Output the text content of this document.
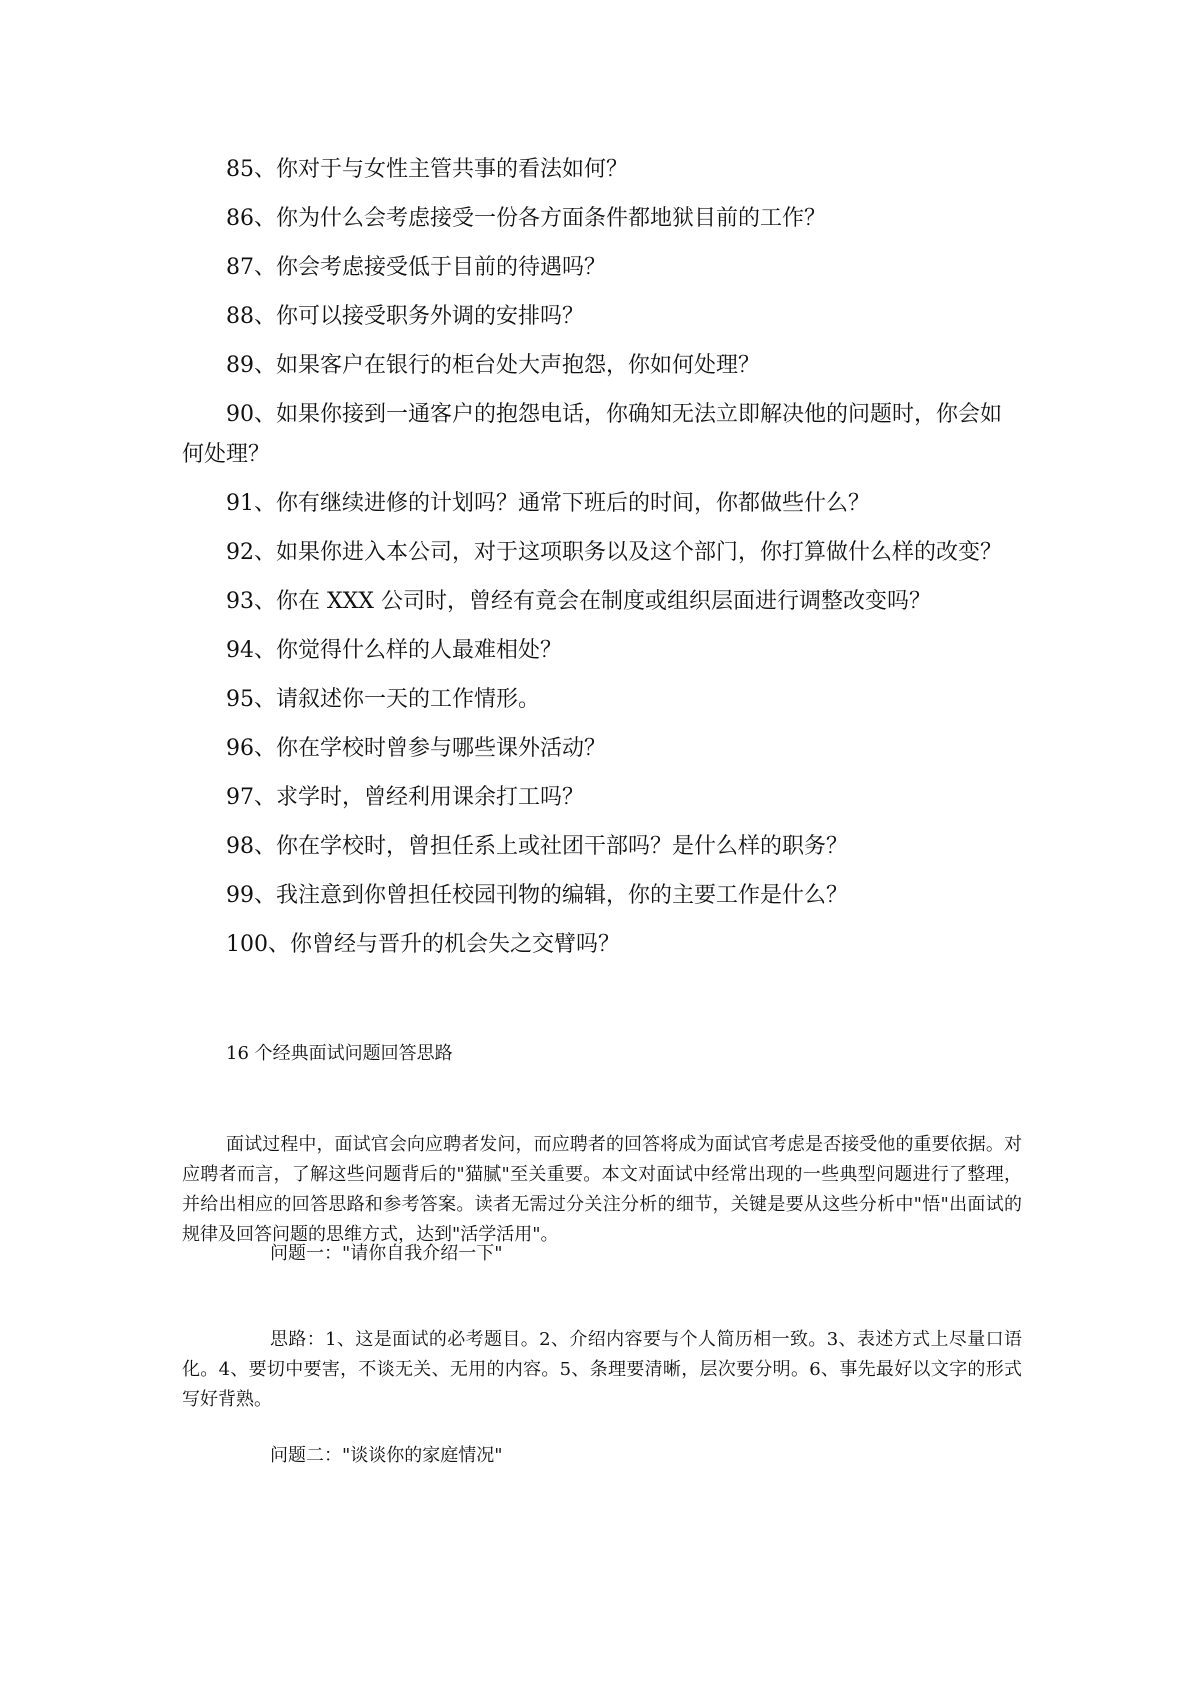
85、你对于与女性主管共事的看法如何？

86、你为什么会考虑接受一份各方面条件都地狱目前的工作？

87、你会考虑接受低于目前的待遇吗？

88、你可以接受职务外调的安排吗？

89、如果客户在银行的柜台处大声抱怨，你如何处理？

90、如果你接到一通客户的抱怨电话，你确知无法立即解决他的问题时，你会如何处理？

91、你有继续进修的计划吗？通常下班后的时间，你都做些什么？

92、如果你进入本公司，对于这项职务以及这个部门，你打算做什么样的改变？

93、你在 XXX 公司时，曾经有竟会在制度或组织层面进行调整改变吗？

94、你觉得什么样的人最难相处？

95、请叙述你一天的工作情形。

96、你在学校时曾参与哪些课外活动？

97、求学时，曾经利用课余打工吗？

98、你在学校时，曾担任系上或社团干部吗？是什么样的职务？

99、我注意到你曾担任校园刊物的编辑，你的主要工作是什么？

100、你曾经与晋升的机会失之交臂吗？

16 个经典面试问题回答思路

面试过程中，面试官会向应聘者发问，而应聘者的回答将成为面试官考虑是否接受他的重要依据。对应聘者而言，了解这些问题背后的"猫腻"至关重要。本文对面试中经常出现的一些典型问题进行了整理，并给出相应的回答思路和参考答案。读者无需过分关注分析的细节，关键是要从这些分析中"悟"出面试的规律及回答问题的思维方式，达到"活学活用"。

问题一："请你自我介绍一下"

思路：1、这是面试的必考题目。2、介绍内容要与个人简历相一致。3、表述方式上尽量口语化。4、要切中要害，不谈无关、无用的内容。5、条理要清晰，层次要分明。6、事先最好以文字的形式写好背熟。

问题二："谈谈你的家庭情况"
